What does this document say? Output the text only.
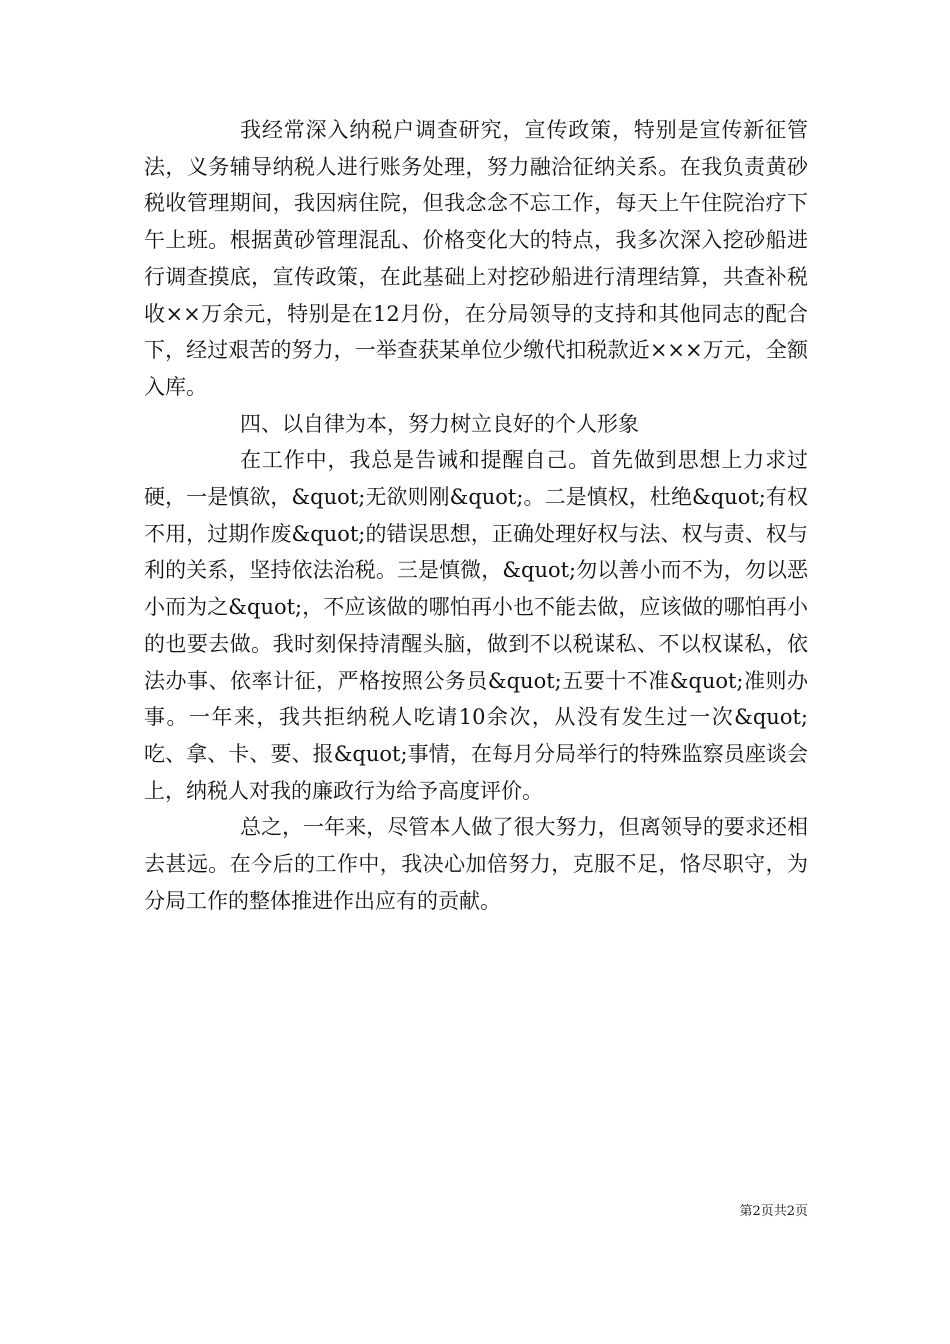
我经常深入纳税户调查研究，宣传政策，特别是宣传新征管法，义务辅导纳税人进行账务处理，努力融洽征纳关系。在我负责黄砂税收管理期间，我因病住院，但我念念不忘工作，每天上午住院治疗下午上班。根据黄砂管理混乱、价格变化大的特点，我多次深入挖砂船进行调查摸底，宣传政策，在此基础上对挖砂船进行清理结算，共查补税收××万余元，特别是在12月份，在分局领导的支持和其他同志的配合下，经过艰苦的努力，一举查获某单位少缴代扣税款近×××万元，全额入库。

四、以自律为本，努力树立良好的个人形象

在工作中，我总是告诫和提醒自己。首先做到思想上力求过硬，一是慎欲，&quot;无欲则刚&quot;。二是慎权，杜绝&quot;有权不用，过期作废&quot;的错误思想，正确处理好权与法、权与责、权与利的关系，坚持依法治税。三是慎微，&quot;勿以善小而不为，勿以恶小而为之&quot;，不应该做的哪怕再小也不能去做，应该做的哪怕再小的也要去做。我时刻保持清醒头脑，做到不以税谋私、不以权谋私，依法办事、依率计征，严格按照公务员&quot;五要十不准&quot;准则办事。一年来，我共拒纳税人吃请10余次，从没有发生过一次&quot;吃、拿、卡、要、报&quot;事情，在每月分局举行的特殊监察员座谈会上，纳税人对我的廉政行为给予高度评价。

总之，一年来，尽管本人做了很大努力，但离领导的要求还相去甚远。在今后的工作中，我决心加倍努力，克服不足，恪尽职守，为分局工作的整体推进作出应有的贡献。

第2页共2页
